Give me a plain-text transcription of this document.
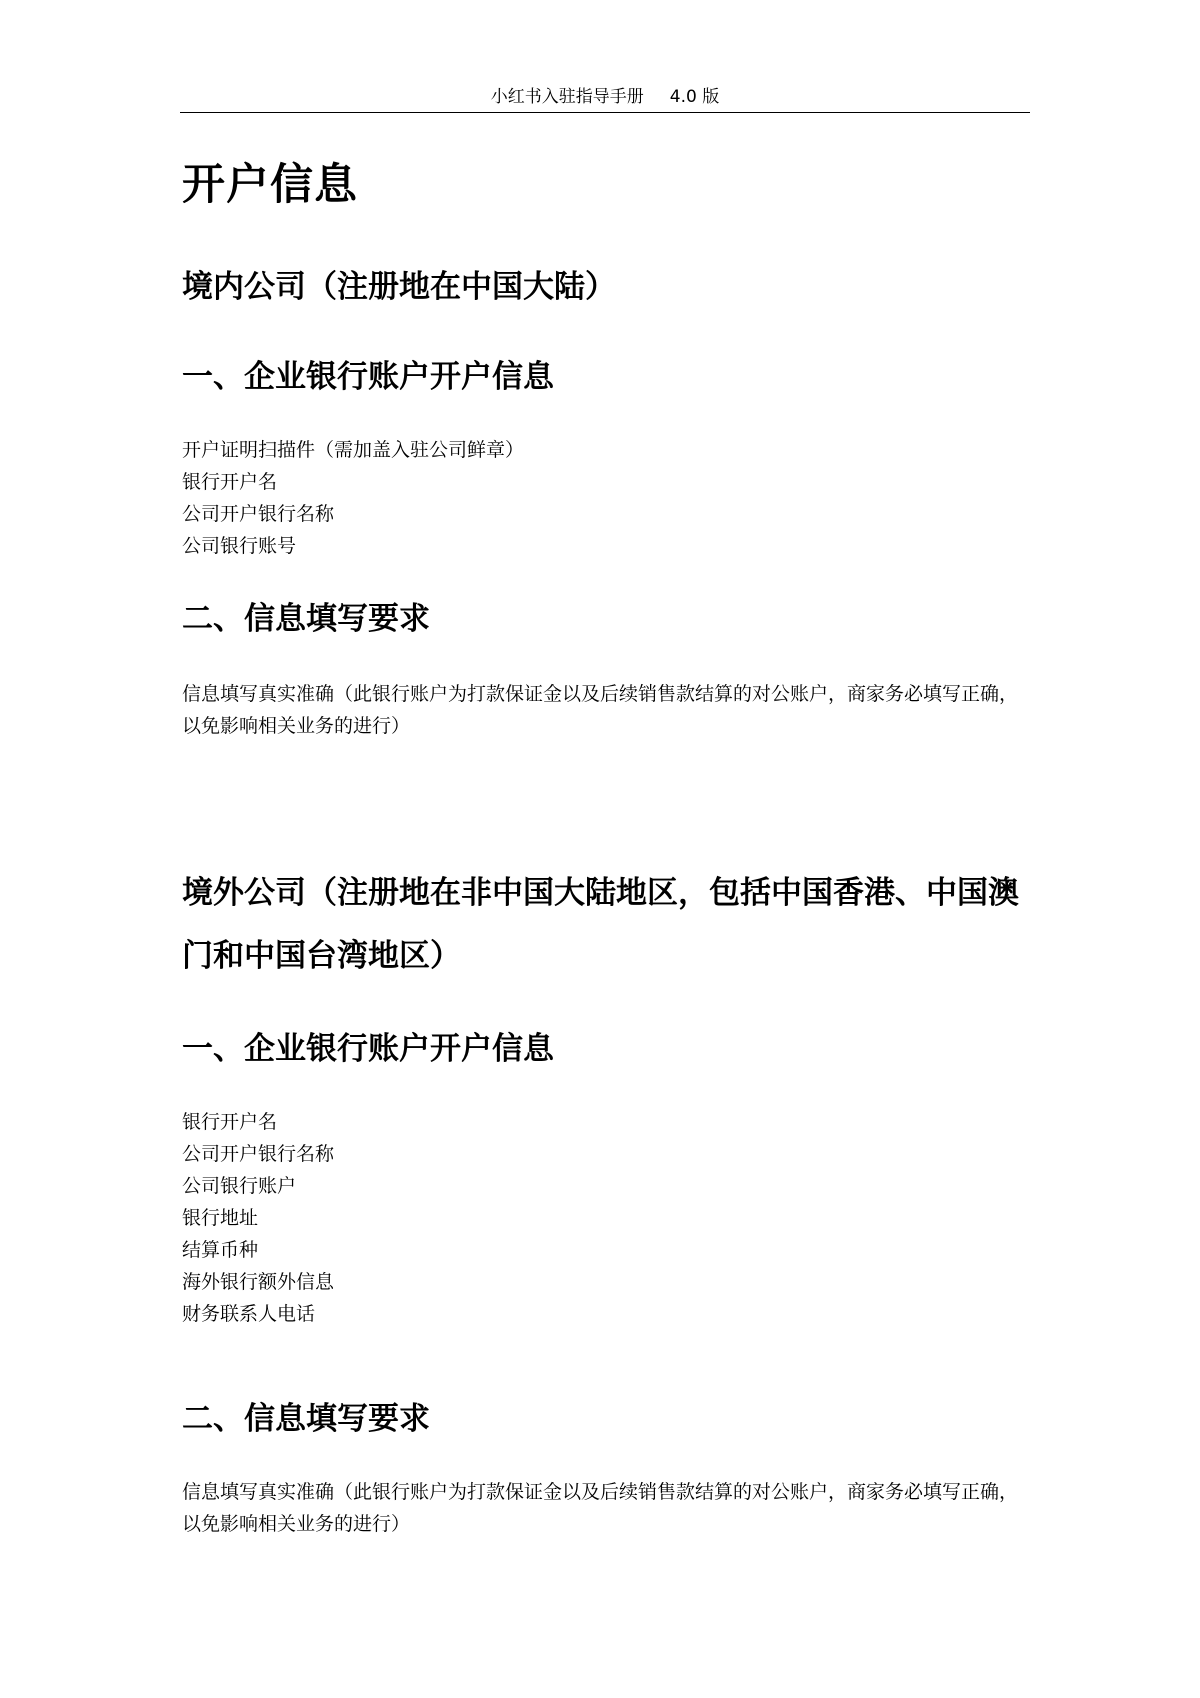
小红书入驻指导手册 4.0 版
开户信息
境内公司（注册地在中国大陆）
一、企业银行账户开户信息
开户证明扫描件（需加盖入驻公司鲜章）
银行开户名
公司开户银行名称
公司银行账号
二、信息填写要求

信息填写真实准确（此银行账户为打款保证金以及后续销售款结算的对公账户，商家务必填写正确，以免影响相关业务的进行）

境外公司（注册地在非中国大陆地区，包括中国香港、中国澳门和中国台湾地区）
一、企业银行账户开户信息
银行开户名
公司开户银行名称
公司银行账户
银行地址
结算币种
海外银行额外信息
财务联系人电话
二、信息填写要求

信息填写真实准确（此银行账户为打款保证金以及后续销售款结算的对公账户，商家务必填写正确，以免影响相关业务的进行）
